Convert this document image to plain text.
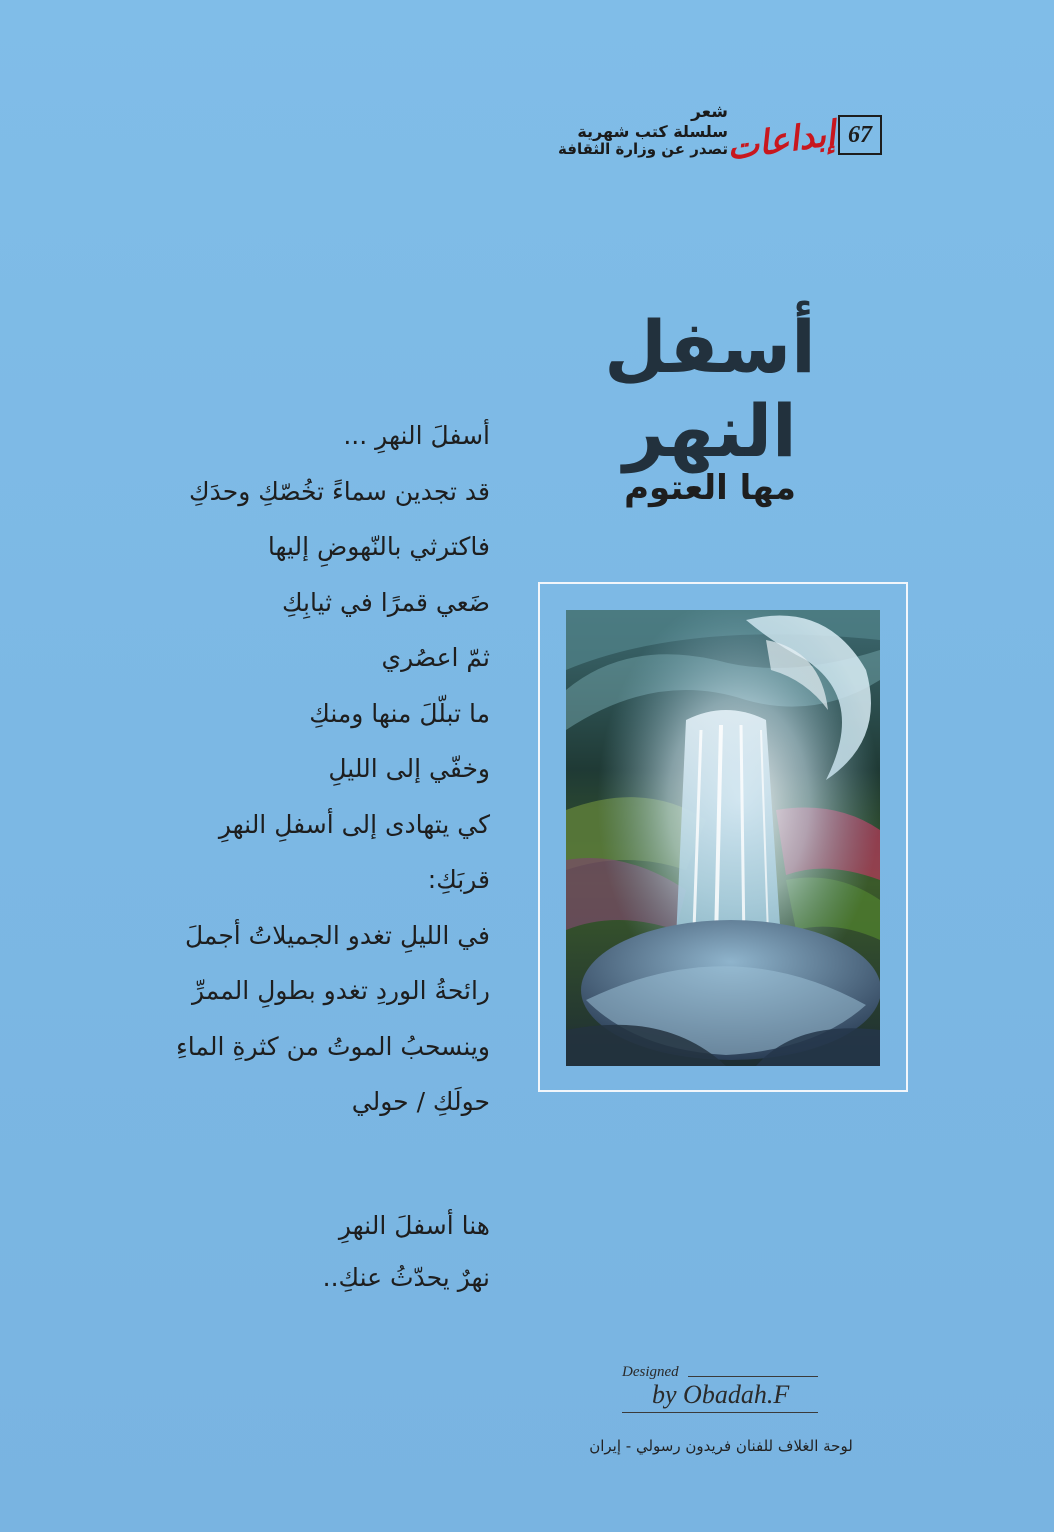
67
إبداعات
شعر
سلسلة كتب شهرية
تصدر عن وزارة الثقافة
أسفل النهر
مها العتوم
أسفلَ النهرِ ...
قد تجدين سماءً تخُصّكِ وحدَكِ
فاكترثي بالنّهوضِ إليها
ضَعي قمرًا في ثيابِكِ
ثمّ اعصُري
ما تبلّلَ منها ومنكِ
وخفّي إلى الليلِ
كي يتهادى إلى أسفلِ النهرِ
قربَكِ:
في الليلِ تغدو الجميلاتُ أجملَ
رائحةُ الوردِ تغدو بطولِ الممرِّ
وينسحبُ الموتُ من كثرةِ الماءِ
حولَكِ / حولي
هنا أسفلَ النهرِ
نهرٌ يحدّثُ عنكِ..
Designed
by Obadah.F
لوحة الغلاف للفنان فريدون رسولي - إيران
